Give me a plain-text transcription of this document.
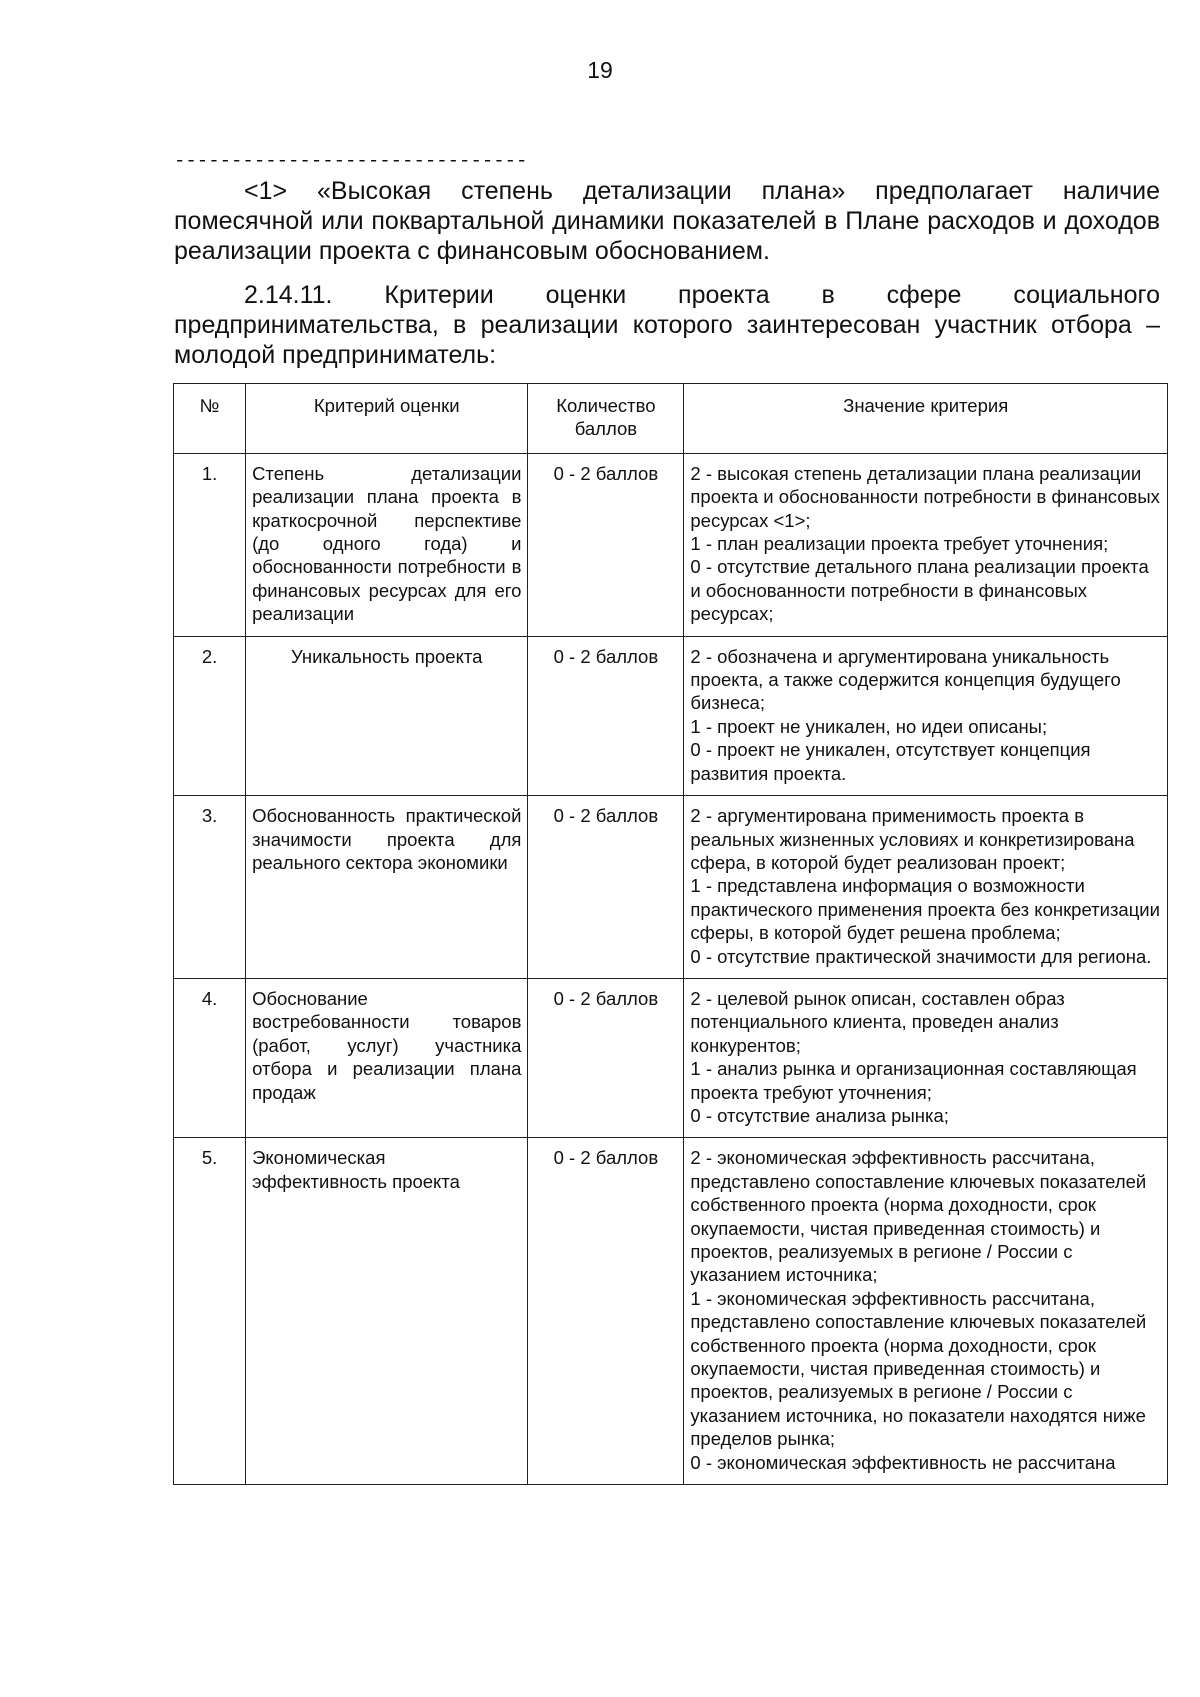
19
-------------------------------
<1> «Высокая степень детализации плана» предполагает наличие помесячной или поквартальной динамики показателей в Плане расходов и доходов реализации проекта с финансовым обоснованием.
2.14.11. Критерии оценки проекта в сфере социального предпринимательства, в реализации которого заинтересован участник отбора – молодой предприниматель:
№	Критерий оценки	Количество баллов	Значение критерия
1.	Степень детализации реализации плана проекта в краткосрочной перспективе (до одного года) и обоснованности потребности в финансовых ресурсах для его реализации	0 - 2 баллов	2 - высокая степень детализации плана реализации проекта и обоснованности потребности в финансовых ресурсах <1>;
1 - план реализации проекта требует уточнения;
0 - отсутствие детального плана реализации проекта и обоснованности потребности в финансовых ресурсах;

2.	Уникальность проекта	0 - 2 баллов	2 - обозначена и аргументирована уникальность проекта, а также содержится концепция будущего бизнеса;
1 - проект не уникален, но идеи описаны;
0 - проект не уникален, отсутствует концепция развития проекта.

3.	Обоснованность практической значимости проекта для реального сектора экономики	0 - 2 баллов	2 - аргументирована применимость проекта в реальных жизненных условиях и конкретизирована сфера, в которой будет реализован проект;
1 - представлена информация о возможности практического применения проекта без конкретизации сферы, в которой будет решена проблема;
0 - отсутствие практической значимости для региона.

4.	Обоснование востребованности товаров (работ, услуг) участника отбора и реализации плана продаж	0 - 2 баллов	2 - целевой рынок описан, составлен образ потенциального клиента, проведен анализ конкурентов;
1 - анализ рынка и организационная составляющая проекта требуют уточнения;
0 - отсутствие анализа рынка;

5.	Экономическая эффективность проекта	0 - 2 баллов	2 - экономическая эффективность рассчитана, представлено сопоставление ключевых показателей собственного проекта (норма доходности, срок окупаемости, чистая приведенная стоимость) и проектов, реализуемых в регионе / России с указанием источника;
1 - экономическая эффективность рассчитана, представлено сопоставление ключевых показателей собственного проекта (норма доходности, срок окупаемости, чистая приведенная стоимость) и проектов, реализуемых в регионе / России с указанием источника, но показатели находятся ниже пределов рынка;
0 - экономическая эффективность не рассчитана
